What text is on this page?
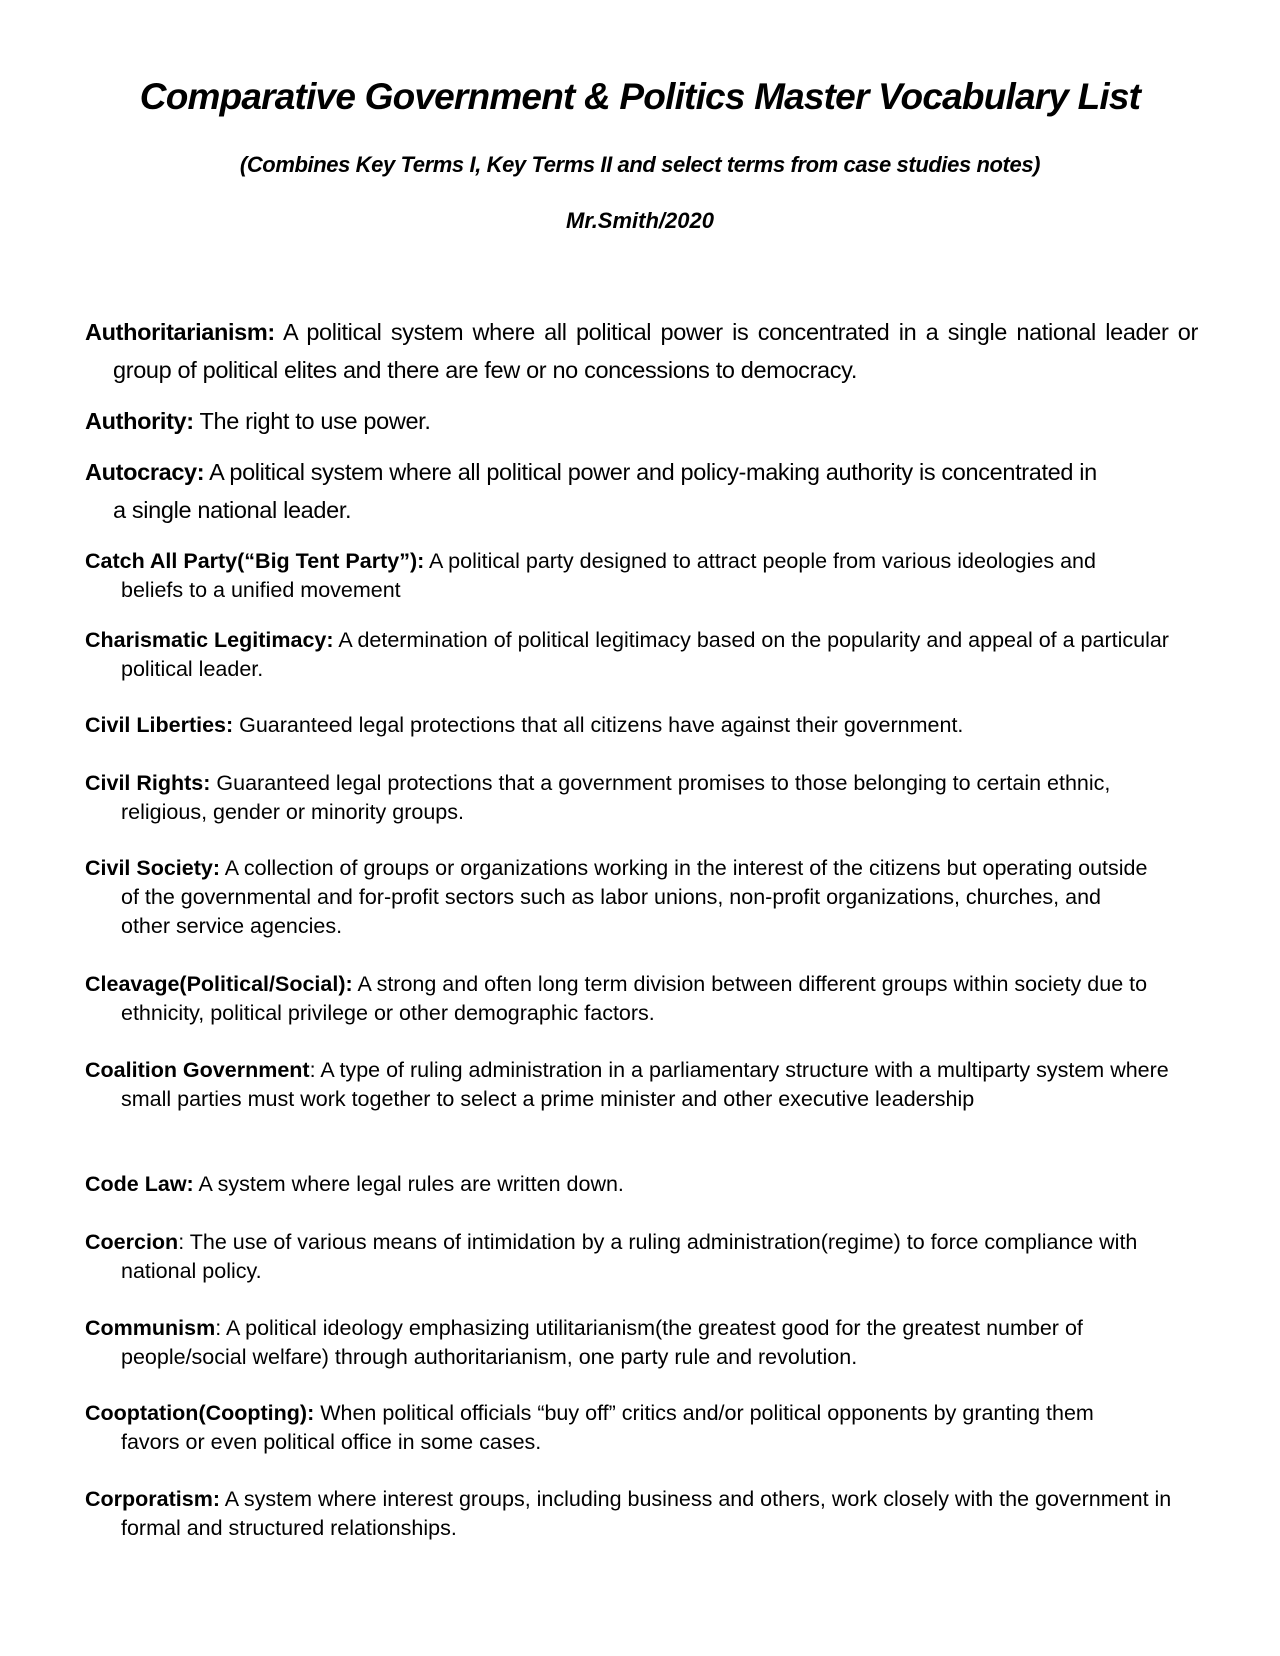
Comparative Government & Politics Master Vocabulary List
(Combines Key Terms I, Key Terms II and select terms from case studies notes)
Mr.Smith/2020
Authoritarianism: A political system where all political power is concentrated in a single national leader or group of political elites and there are few or no concessions to democracy.
Authority: The right to use power.
Autocracy: A political system where all political power and policy-making authority is concentrated in a single national leader.
Catch All Party(“Big Tent Party”): A political party designed to attract people from various ideologies and beliefs to a unified movement
Charismatic Legitimacy: A determination of political legitimacy based on the popularity and appeal of a particular political leader.
Civil Liberties: Guaranteed legal protections that all citizens have against their government.
Civil Rights: Guaranteed legal protections that a government promises to those belonging to certain ethnic, religious, gender or minority groups.
Civil Society: A collection of groups or organizations working in the interest of the citizens but operating outside of the governmental and for-profit sectors such as labor unions, non-profit organizations, churches, and other service agencies.
Cleavage(Political/Social): A strong and often long term division between different groups within society due to ethnicity, political privilege or other demographic factors.
Coalition Government: A type of ruling administration in a parliamentary structure with a multiparty system where small parties must work together to select a prime minister and other executive leadership
Code Law: A system where legal rules are written down.
Coercion: The use of various means of intimidation by a ruling administration(regime) to force compliance with national policy.
Communism: A political ideology emphasizing utilitarianism(the greatest good for the greatest number of people/social welfare) through authoritarianism, one party rule and revolution.
Cooptation(Coopting): When political officials “buy off” critics and/or political opponents by granting them favors or even political office in some cases.
Corporatism: A system where interest groups, including business and others, work closely with the government in formal and structured relationships.
